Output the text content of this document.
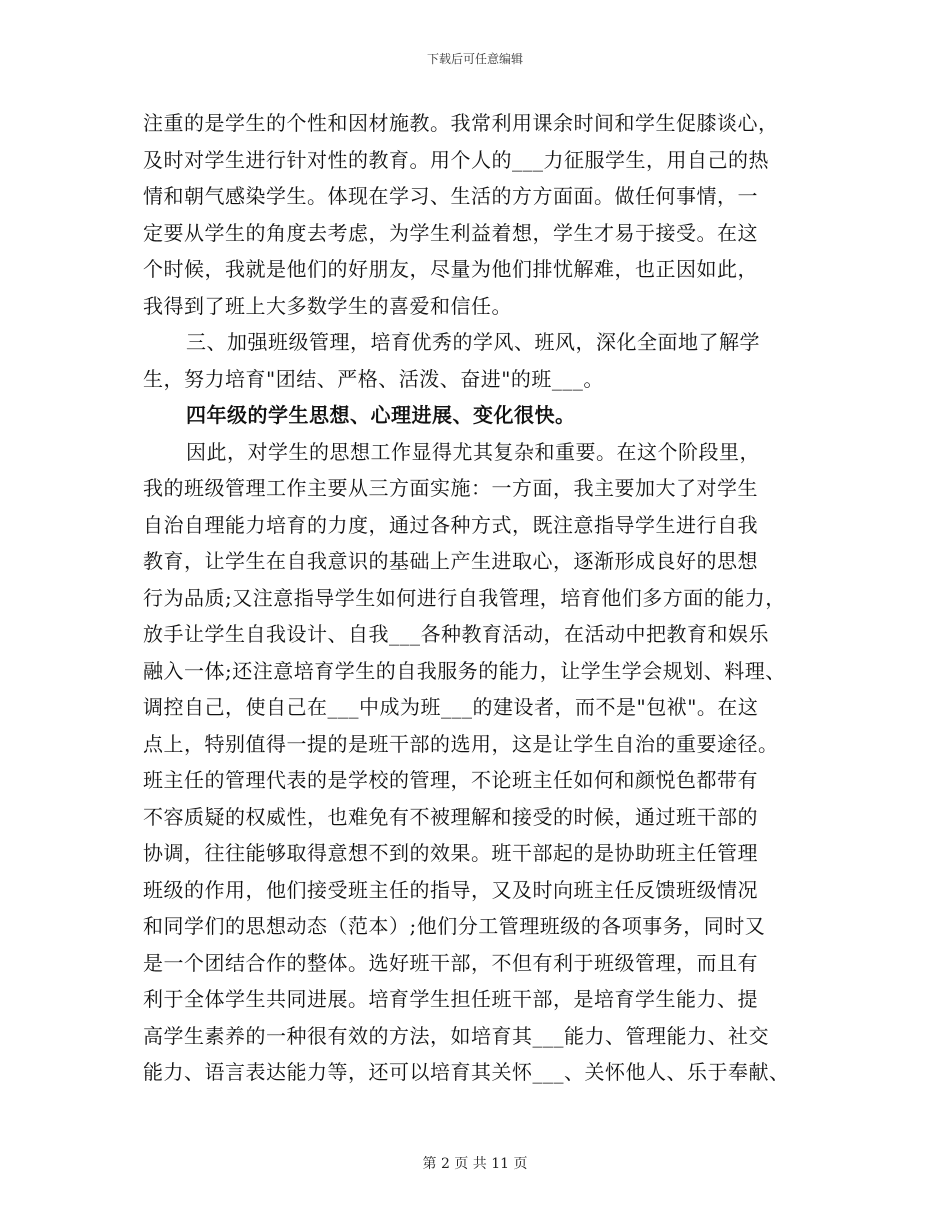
下载后可任意编辑
注重的是学生的个性和因材施教。我常利用课余时间和学生促膝谈心，
及时对学生进行针对性的教育。用个人的___力征服学生，用自己的热
情和朝气感染学生。体现在学习、生活的方方面面。做任何事情，一
定要从学生的角度去考虑，为学生利益着想，学生才易于接受。在这
个时候，我就是他们的好朋友，尽量为他们排忧解难，也正因如此，
我得到了班上大多数学生的喜爱和信任。
三、加强班级管理，培育优秀的学风、班风，深化全面地了解学
生，努力培育"团结、严格、活泼、奋进"的班___。
四年级的学生思想、心理进展、变化很快。
因此，对学生的思想工作显得尤其复杂和重要。在这个阶段里，
我的班级管理工作主要从三方面实施：一方面，我主要加大了对学生
自治自理能力培育的力度，通过各种方式，既注意指导学生进行自我
教育，让学生在自我意识的基础上产生进取心，逐渐形成良好的思想
行为品质;又注意指导学生如何进行自我管理，培育他们多方面的能力，
放手让学生自我设计、自我___各种教育活动，在活动中把教育和娱乐
融入一体;还注意培育学生的自我服务的能力，让学生学会规划、料理、
调控自己，使自己在___中成为班___的建设者，而不是"包袱"。在这
点上，特别值得一提的是班干部的选用，这是让学生自治的重要途径。
班主任的管理代表的是学校的管理，不论班主任如何和颜悦色都带有
不容质疑的权威性，也难免有不被理解和接受的时候，通过班干部的
协调，往往能够取得意想不到的效果。班干部起的是协助班主任管理
班级的作用，他们接受班主任的指导，又及时向班主任反馈班级情况
和同学们的思想动态（范本）;他们分工管理班级的各项事务，同时又
是一个团结合作的整体。选好班干部，不但有利于班级管理，而且有
利于全体学生共同进展。培育学生担任班干部，是培育学生能力、提
高学生素养的一种很有效的方法，如培育其___能力、管理能力、社交
能力、语言表达能力等，还可以培育其关怀___、关怀他人、乐于奉献、
第 2 页 共 11 页
